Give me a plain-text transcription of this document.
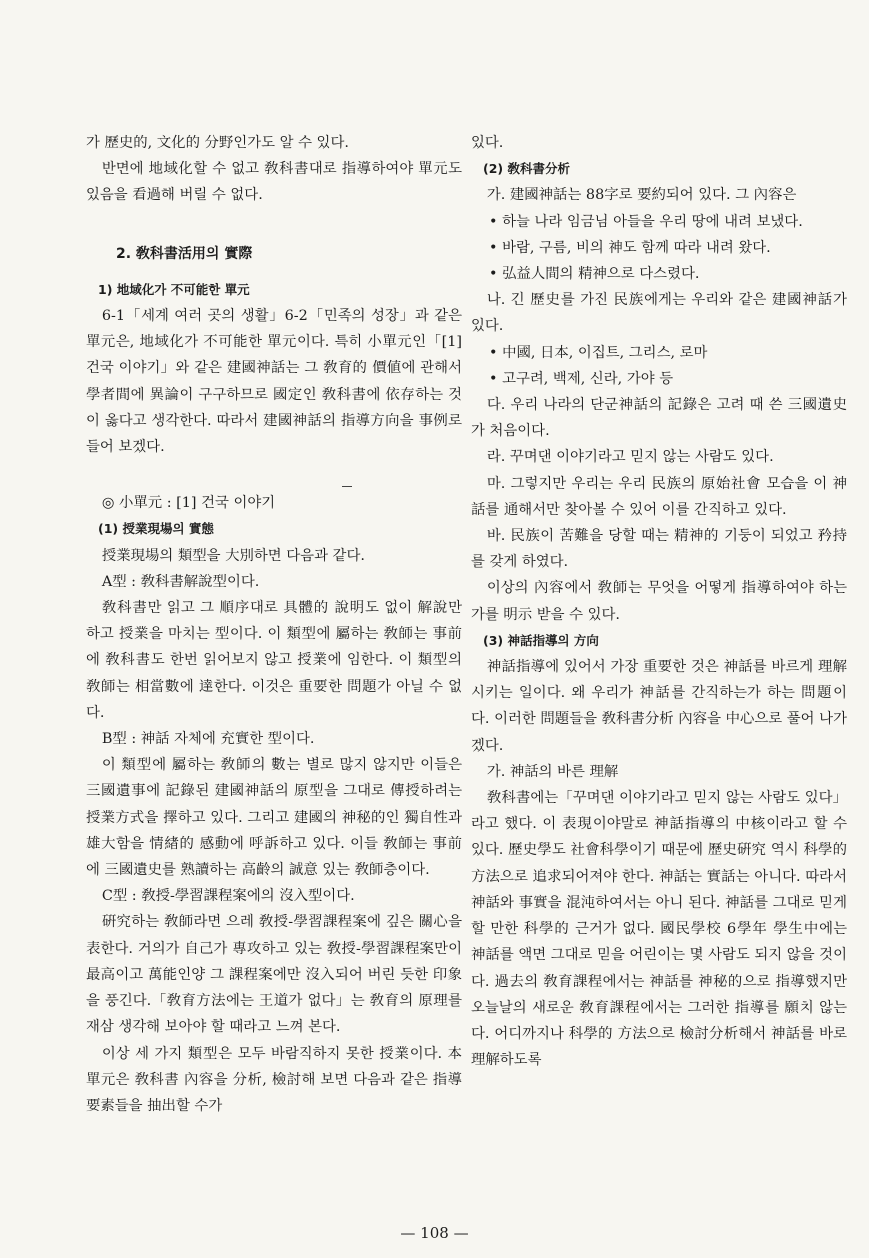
가 歷史的, 文化的 分野인가도 알 수 있다.

반면에 地域化할 수 없고 敎科書대로 指導하여야 單元도 있음을 看過해 버릴 수 없다.

2. 敎科書活用의 實際

1) 地域化가 不可能한 單元

6-1「세계 여러 곳의 생활」6-2「민족의 성장」과 같은 單元은, 地域化가 不可能한 單元이다. 특히 小單元인「[1] 건국 이야기」와 같은 建國神話는 그 敎育的 價値에 관해서 學者間에 異論이 구구하므로 國定인 敎科書에 依存하는 것이 옳다고 생각한다. 따라서 建國神話의 指導方向을 事例로 들어 보겠다.

◎ 小單元 : [1] 건국 이야기

(1) 授業現場의 實態

授業現場의 類型을 大別하면 다음과 같다.

A型 : 敎科書解說型이다.

敎科書만 읽고 그 順序대로 具體的 說明도 없이 解說만 하고 授業을 마치는 型이다. 이 類型에 屬하는 敎師는 事前에 敎科書도 한번 읽어보지 않고 授業에 임한다. 이 類型의 敎師는 相當數에 達한다. 이것은 重要한 問題가 아닐 수 없다.

B型 : 神話 자체에 充實한 型이다.

이 類型에 屬하는 敎師의 數는 별로 많지 않지만 이들은 三國遺事에 記錄된 建國神話의 原型을 그대로 傳授하려는 授業方式을 擇하고 있다. 그리고 建國의 神秘的인 獨自性과 雄大함을 情緖的 感動에 呼訴하고 있다. 이들 敎師는 事前에 三國遺史를 熟讀하는 高齡의 誠意 있는 敎師층이다.

C型 : 敎授-學習課程案에의 沒入型이다.

硏究하는 敎師라면 으레 敎授-學習課程案에 깊은 關心을 表한다. 거의가 自己가 專攻하고 있는 敎授-學習課程案만이 最高이고 萬能인양 그 課程案에만 沒入되어 버린 듯한 印象을 풍긴다.「敎育方法에는 王道가 없다」는 敎育의 原理를 재삼 생각해 보아야 할 때라고 느껴 본다.

이상 세 가지 類型은 모두 바람직하지 못한 授業이다. 本單元은 敎科書 內容을 分析, 檢討해 보면 다음과 같은 指導要素들을 抽出할 수가

있다.

(2) 敎科書分析

가. 建國神話는 88字로 要約되어 있다. 그 內容은

• 하늘 나라 임금님 아들을 우리 땅에 내려 보냈다.

• 바람, 구름, 비의 神도 함께 따라 내려 왔다.

• 弘益人間의 精神으로 다스렸다.

나. 긴 歷史를 가진 民族에게는 우리와 같은 建國神話가 있다.

• 中國, 日本, 이집트, 그리스, 로마

• 고구려, 백제, 신라, 가야 등

다. 우리 나라의 단군神話의 記錄은 고려 때 쓴 三國遺史가 처음이다.

라. 꾸며댄 이야기라고 믿지 않는 사람도 있다.

마. 그렇지만 우리는 우리 民族의 原始社會 모습을 이 神話를 通해서만 찾아볼 수 있어 이를 간직하고 있다.

바. 民族이 苦難을 당할 때는 精神的 기둥이 되었고 矜持를 갖게 하였다.

이상의 內容에서 敎師는 무엇을 어떻게 指導하여야 하는가를 明示 받을 수 있다.

(3) 神話指導의 方向

神話指導에 있어서 가장 重要한 것은 神話를 바르게 理解시키는 일이다. 왜 우리가 神話를 간직하는가 하는 問題이다. 이러한 問題들을 敎科書分析 內容을 中心으로 풀어 나가겠다.

가. 神話의 바른 理解

敎科書에는「꾸며댄 이야기라고 믿지 않는 사람도 있다」라고 했다. 이 表現이야말로 神話指導의 中核이라고 할 수 있다. 歷史學도 社會科學이기 때문에 歷史硏究 역시 科學的 方法으로 追求되어져야 한다. 神話는 實話는 아니다. 따라서 神話와 事實을 混沌하여서는 아니 된다. 神話를 그대로 믿게 할 만한 科學的 근거가 없다. 國民學校 6學年 學生中에는 神話를 액면 그대로 믿을 어린이는 몇 사람도 되지 않을 것이다. 過去의 敎育課程에서는 神話를 神秘的으로 指導했지만 오늘날의 새로운 敎育課程에서는 그러한 指導를 願치 않는다. 어디까지나 科學的 方法으로 檢討分析해서 神話를 바로 理解하도록

— 108 —
